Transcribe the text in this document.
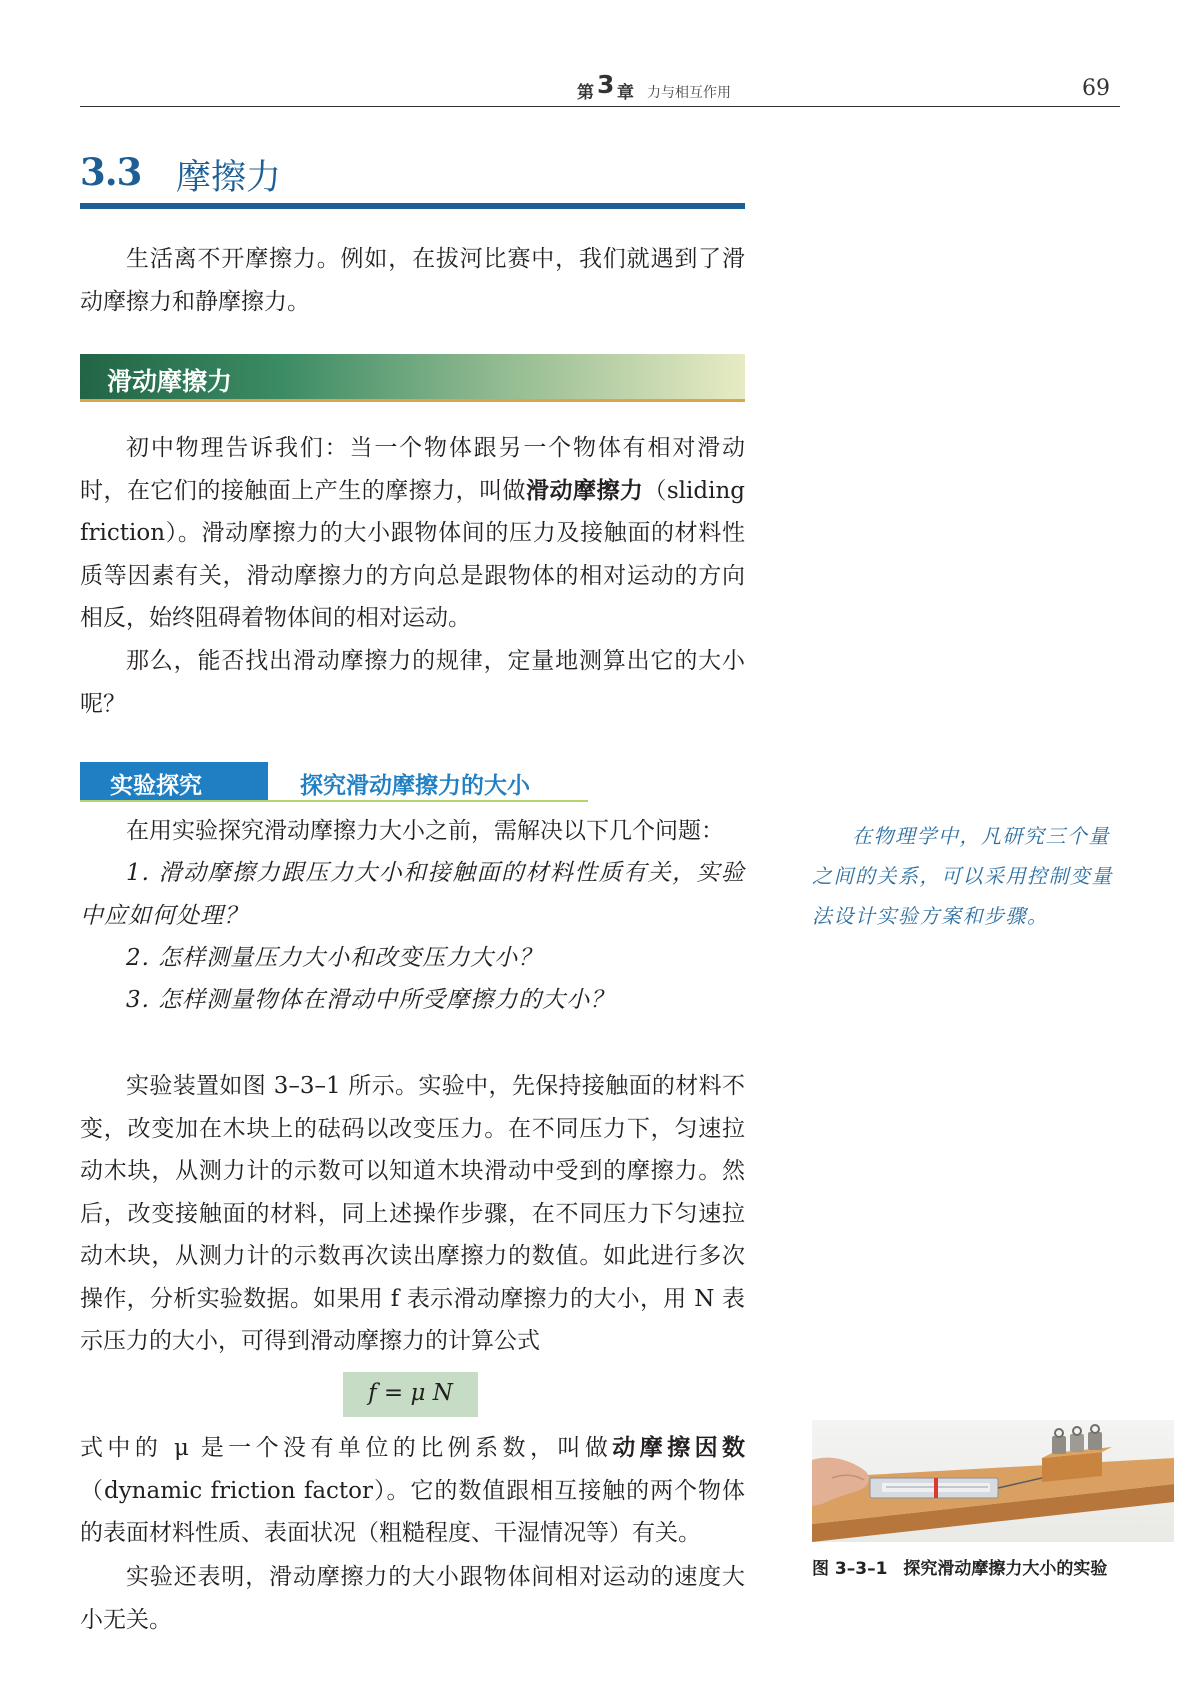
第 3 章 力与相互作用	69
3.3 摩擦力

生活离不开摩擦力。例如，在拔河比赛中，我们就遇到了滑动摩擦力和静摩擦力。

滑动摩擦力

初中物理告诉我们：当一个物体跟另一个物体有相对滑动时，在它们的接触面上产生的摩擦力，叫做滑动摩擦力（sliding friction）。滑动摩擦力的大小跟物体间的压力及接触面的材料性质等因素有关，滑动摩擦力的方向总是跟物体的相对运动的方向相反，始终阻碍着物体间的相对运动。

那么，能否找出滑动摩擦力的规律，定量地测算出它的大小呢？

实验探究	探究滑动摩擦力的大小

在用实验探究滑动摩擦力大小之前，需解决以下几个问题：

1. 滑动摩擦力跟压力大小和接触面的材料性质有关，实验中应如何处理？

2. 怎样测量压力大小和改变压力大小？

3. 怎样测量物体在滑动中所受摩擦力的大小？

实验装置如图 3–3–1 所示。实验中，先保持接触面的材料不变，改变加在木块上的砝码以改变压力。在不同压力下，匀速拉动木块，从测力计的示数可以知道木块滑动中受到的摩擦力。然后，改变接触面的材料，同上述操作步骤，在不同压力下匀速拉动木块，从测力计的示数再次读出摩擦力的数值。如此进行多次操作，分析实验数据。如果用 f 表示滑动摩擦力的大小，用 N 表示压力的大小，可得到滑动摩擦力的计算公式

f = μ N

式中的 μ 是一个没有单位的比例系数，叫做动摩擦因数（dynamic friction factor）。它的数值跟相互接触的两个物体的表面材料性质、表面状况（粗糙程度、干湿情况等）有关。

实验还表明，滑动摩擦力的大小跟物体间相对运动的速度大小无关。

在物理学中，凡研究三个量之间的关系，可以采用控制变量法设计实验方案和步骤。

图 3–3–1 探究滑动摩擦力大小的实验
